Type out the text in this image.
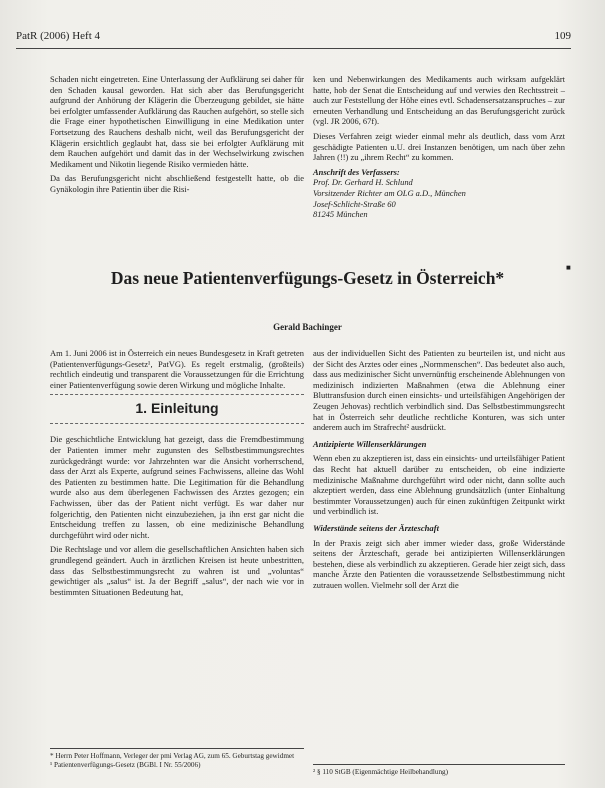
PatR (2006) Heft 4	109

Schaden nicht eingetreten. Eine Unterlassung der Aufklärung sei daher für den Schaden kausal geworden. Hat sich aber das Berufungsgericht aufgrund der Anhörung der Klägerin die Überzeugung gebildet, sie hätte bei erfolgter umfassender Aufklärung das Rauchen aufgehört, so stelle sich die Frage einer hypothetischen Einwilligung in eine Medikation unter Fortsetzung des Rauchens deshalb nicht, weil das Berufungsgericht der Klägerin ersichtlich geglaubt hat, dass sie bei erfolgter Aufklärung mit dem Rauchen aufgehört und damit das in der Wechselwirkung zwischen Medikament und Nikotin liegende Risiko vermieden hätte.

Da das Berufungsgericht nicht abschließend festgestellt hatte, ob die Gynäkologin ihre Patientin über die Risi-

ken und Nebenwirkungen des Medikaments auch wirksam aufgeklärt hatte, hob der Senat die Entscheidung auf und verwies den Rechtsstreit – auch zur Feststellung der Höhe eines evtl. Schadensersatzanspruches – zur erneuten Verhandlung und Entscheidung an das Berufungsgericht zurück (vgl. JR 2006, 67f).

Dieses Verfahren zeigt wieder einmal mehr als deutlich, dass vom Arzt geschädigte Patienten u.U. drei Instanzen benötigen, um nach über zehn Jahren (!!) zu „ihrem Recht“ zu kommen.

Anschrift des Verfassers:
Prof. Dr. Gerhard H. Schlund
Vorsitzender Richter am OLG a.D., München
Josef-Schlicht-Straße 60
81245 München
■
Das neue Patientenverfügungs-Gesetz in Österreich*
Gerald Bachinger

Am 1. Juni 2006 ist in Österreich ein neues Bundesgesetz in Kraft getreten (Patientenverfügungs-Gesetz¹, PatVG). Es regelt erstmalig, (großteils) rechtlich eindeutig und transparent die Voraussetzungen für die Errichtung einer Patientenverfügung sowie deren Wirkung und mögliche Inhalte.

1. Einleitung

Die geschichtliche Entwicklung hat gezeigt, dass die Fremdbestimmung der Patienten immer mehr zugunsten des Selbstbestimmungsrechtes zurückgedrängt wurde: vor Jahrzehnten war die Ansicht vorherrschend, dass der Arzt als Experte, aufgrund seines Fachwissens, alleine das Wohl des Patienten zu bestimmen hatte. Die Legitimation für die Behandlung wurde also aus dem überlegenen Fachwissen des Arztes gezogen; ein Fachwissen, über das der Patient nicht verfügt. Es war daher nur folgerichtig, den Patienten nicht einzubeziehen, ja ihn erst gar nicht die Entscheidung treffen zu lassen, ob eine medizinische Behandlung durchgeführt wird oder nicht.

Die Rechtslage und vor allem die gesellschaftlichen Ansichten haben sich grundlegend geändert. Auch in ärztlichen Kreisen ist heute unbestritten, dass das Selbstbestimmungsrecht zu wahren ist und „voluntas“ gewichtiger als „salus“ ist. Ja der Begriff „salus“, der nach wie vor in bestimmten Situationen Bedeutung hat,

aus der individuellen Sicht des Patienten zu beurteilen ist, und nicht aus der Sicht des Arztes oder eines „Normmenschen“. Das bedeutet also auch, dass aus medizinischer Sicht unvernünftig erscheinende Ablehnungen von medizinisch indizierten Maßnahmen (etwa die Ablehnung einer Bluttransfusion durch einen einsichts- und urteilsfähigen Angehörigen der Zeugen Jehovas) rechtlich verbindlich sind. Das Selbstbestimmungsrecht hat in Österreich sehr deutliche rechtliche Konturen, was sich unter anderem auch im Strafrecht² ausdrückt.

Antizipierte Willenserklärungen

Wenn eben zu akzeptieren ist, dass ein einsichts- und urteilsfähiger Patient das Recht hat aktuell darüber zu entscheiden, ob eine indizierte medizinische Maßnahme durchgeführt wird oder nicht, dann sollte auch akzeptiert werden, dass eine Ablehnung grundsätzlich (unter Einhaltung bestimmter Voraussetzungen) auch für einen zukünftigen Zeitpunkt wirkt und verbindlich ist.

Widerstände seitens der Ärzteschaft

In der Praxis zeigt sich aber immer wieder dass, große Widerstände seitens der Ärzteschaft, gerade bei antizipierten Willenserklärungen bestehen, diese als verbindlich zu akzeptieren. Gerade hier zeigt sich, dass manche Ärzte den Patienten die voraussetzende Selbstbestimmung nicht zutrauen wollen. Vielmehr soll der Arzt die

* Herrn Peter Hoffmann, Verleger der pmi Verlag AG, zum 65. Geburtstag gewidmet
¹ Patientenverfügungs-Gesetz (BGBl. I Nr. 55/2006)
² § 110 StGB (Eigenmächtige Heilbehandlung)
